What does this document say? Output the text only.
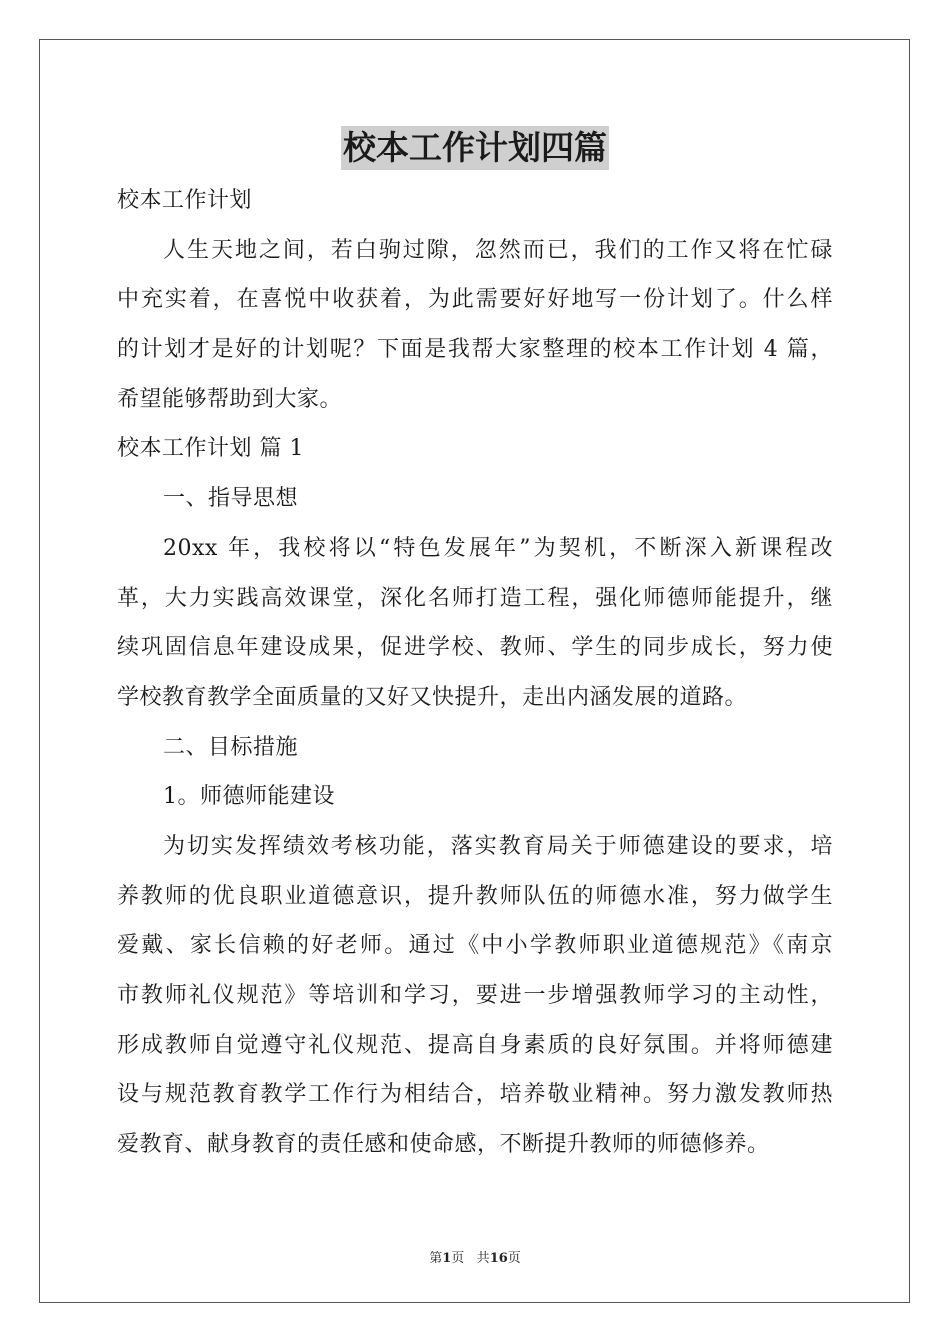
校本工作计划四篇
校本工作计划
人生天地之间，若白驹过隙，忽然而已，我们的工作又将在忙碌
中充实着，在喜悦中收获着，为此需要好好地写一份计划了。什么样
的计划才是好的计划呢？下面是我帮大家整理的校本工作计划 4 篇，
希望能够帮助到大家。
校本工作计划 篇 1
一、指导思想
20xx 年，我校将以“特色发展年”为契机，不断深入新课程改
革，大力实践高效课堂，深化名师打造工程，强化师德师能提升，继
续巩固信息年建设成果，促进学校、教师、学生的同步成长，努力使
学校教育教学全面质量的又好又快提升，走出内涵发展的道路。
二、目标措施
1。师德师能建设
为切实发挥绩效考核功能，落实教育局关于师德建设的要求，培
养教师的优良职业道德意识，提升教师队伍的师德水准，努力做学生
爱戴、家长信赖的好老师。通过《中小学教师职业道德规范》《南京
市教师礼仪规范》等培训和学习，要进一步增强教师学习的主动性，
形成教师自觉遵守礼仪规范、提高自身素质的良好氛围。并将师德建
设与规范教育教学工作行为相结合，培养敬业精神。努力激发教师热
爱教育、献身教育的责任感和使命感，不断提升教师的师德修养。
第1页 共16页
